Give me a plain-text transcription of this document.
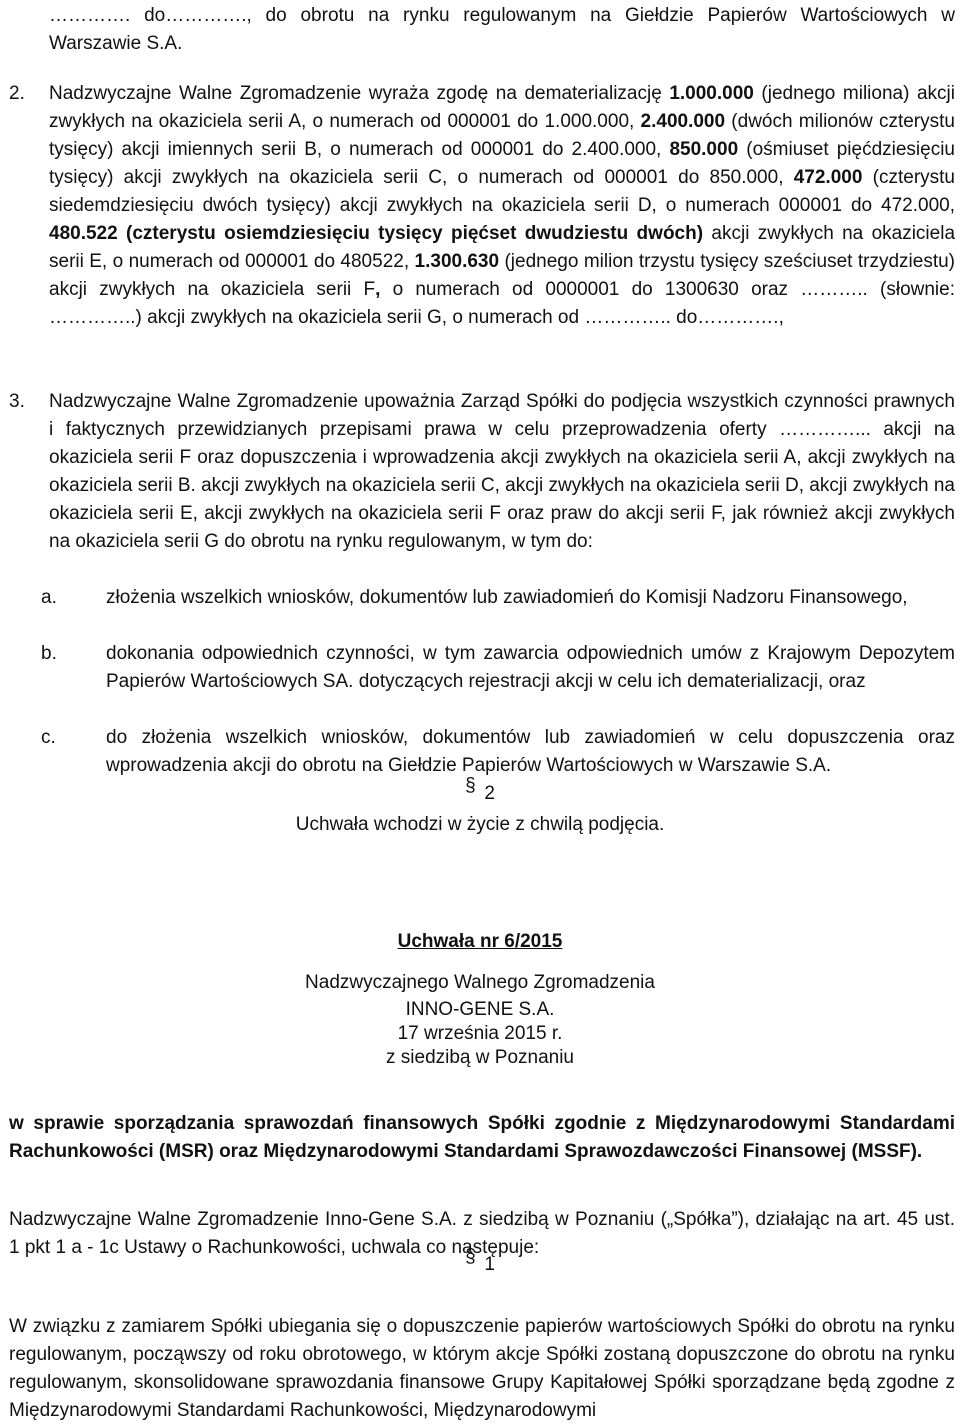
…………. do…………., do obrotu na rynku regulowanym na Giełdzie Papierów Wartościowych w Warszawie S.A.
2.	Nadzwyczajne Walne Zgromadzenie wyraża zgodę na dematerializację 1.000.000 (jednego miliona) akcji zwykłych na okaziciela serii A, o numerach od 000001 do 1.000.000, 2.400.000 (dwóch milionów czterystu tysięcy) akcji imiennych serii B, o numerach od 000001 do 2.400.000, 850.000 (ośmiuset pięćdziesięciu tysięcy) akcji zwykłych na okaziciela serii C, o numerach od 000001 do 850.000, 472.000 (czterystu siedemdziesięciu dwóch tysięcy) akcji zwykłych na okaziciela serii D, o numerach 000001 do 472.000, 480.522 (czterystu osiemdziesięciu tysięcy pięćset dwudziestu dwóch) akcji zwykłych na okaziciela serii E, o numerach od 000001 do 480522, 1.300.630 (jednego milion trzystu tysięcy sześciuset trzydziestu) akcji zwykłych na okaziciela serii F, o numerach od 0000001 do 1300630 oraz ……….. (słownie: …………..) akcji zwykłych na okaziciela serii G, o numerach od ………….. do………….,
3.	Nadzwyczajne Walne Zgromadzenie upoważnia Zarząd Spółki do podjęcia wszystkich czynności prawnych i faktycznych przewidzianych przepisami prawa w celu przeprowadzenia oferty …………... akcji na okaziciela serii F oraz dopuszczenia i wprowadzenia akcji zwykłych na okaziciela serii A, akcji zwykłych na okaziciela serii B. akcji zwykłych na okaziciela serii C, akcji zwykłych na okaziciela serii D, akcji zwykłych na okaziciela serii E, akcji zwykłych na okaziciela serii F oraz praw do akcji serii F, jak również akcji zwykłych na okaziciela serii G do obrotu na rynku regulowanym, w tym do:
a.	złożenia wszelkich wniosków, dokumentów lub zawiadomień do Komisji Nadzoru Finansowego,
b.	dokonania odpowiednich czynności, w tym zawarcia odpowiednich umów z Krajowym Depozytem Papierów Wartościowych SA. dotyczących rejestracji akcji w celu ich dematerializacji, oraz
c.	do złożenia wszelkich wniosków, dokumentów lub zawiadomień w celu dopuszczenia oraz wprowadzenia akcji do obrotu na Giełdzie Papierów Wartościowych w Warszawie S.A.
§ 2
Uchwała wchodzi w życie z chwilą podjęcia.
Uchwała nr 6/2015
Nadzwyczajnego Walnego Zgromadzenia
INNO-GENE S.A.
17 września 2015 r.
z siedzibą w Poznaniu
w sprawie sporządzania sprawozdań finansowych Spółki zgodnie z Międzynarodowymi Standardami Rachunkowości (MSR) oraz Międzynarodowymi Standardami Sprawozdawczości Finansowej (MSSF).
Nadzwyczajne Walne Zgromadzenie Inno-Gene S.A. z siedzibą w Poznaniu („Spółka”), działając na art. 45 ust. 1 pkt 1 a - 1c Ustawy o Rachunkowości, uchwala co następuje:
§ 1
W związku z zamiarem Spółki ubiegania się o dopuszczenie papierów wartościowych Spółki do obrotu na rynku regulowanym, począwszy od roku obrotowego, w którym akcje Spółki zostaną dopuszczone do obrotu na rynku regulowanym, skonsolidowane sprawozdania finansowe Grupy Kapitałowej Spółki sporządzane będą zgodne z Międzynarodowymi Standardami Rachunkowości, Międzynarodowymi
